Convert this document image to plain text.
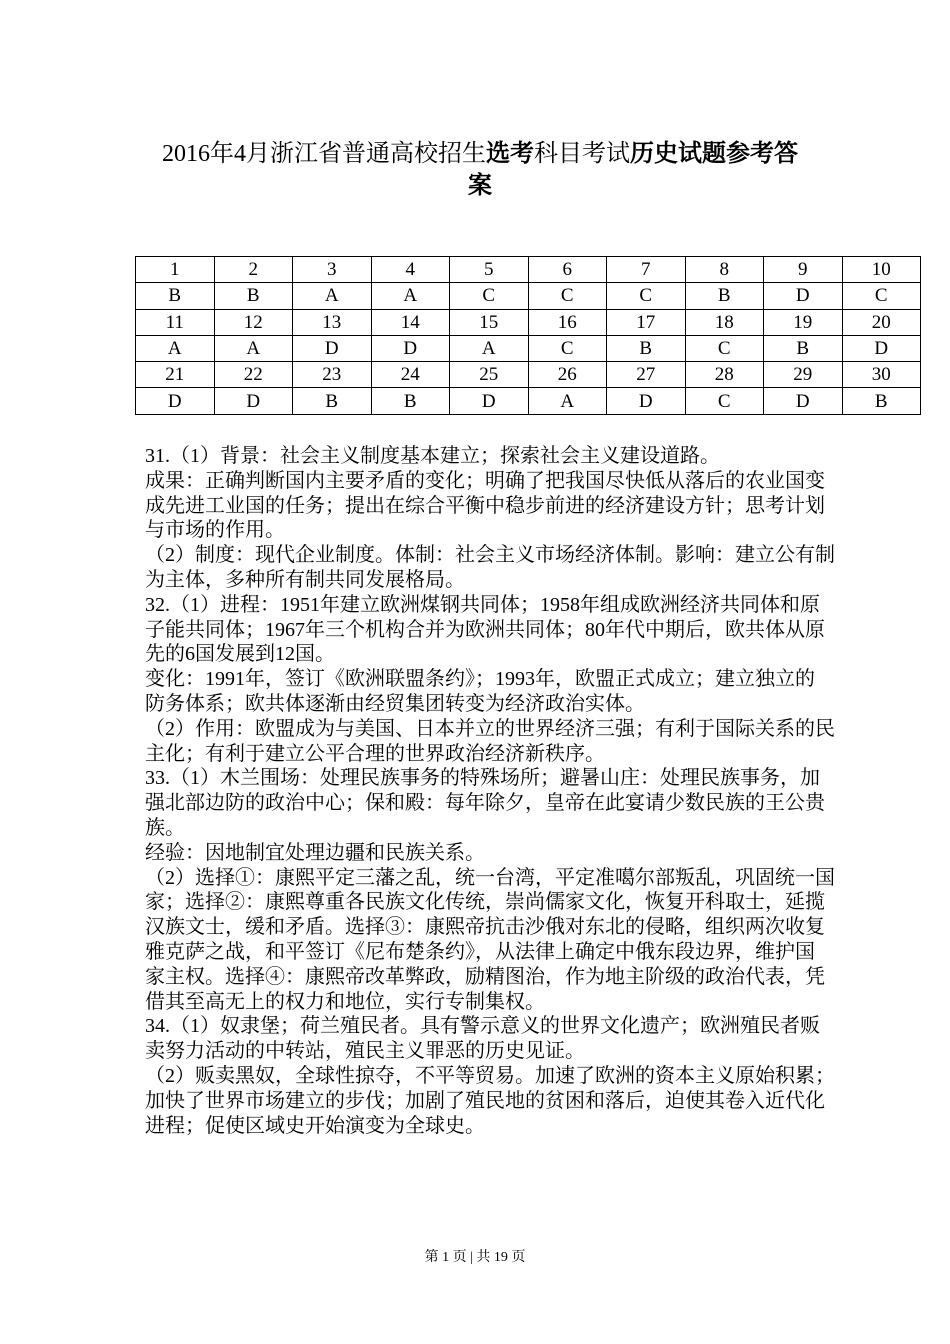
2016年4月浙江省普通高校招生选考科目考试历史试题参考答
案
1	2	3	4	5	6	7	8	9	10
B	B	A	A	C	C	C	B	D	C
11	12	13	14	15	16	17	18	19	20
A	A	D	D	A	C	B	C	B	D
21	22	23	24	25	26	27	28	29	30
D	D	B	B	D	A	D	C	D	B
31.（1）背景：社会主义制度基本建立；探索社会主义建设道路。
成果：正确判断国内主要矛盾的变化；明确了把我国尽快低从落后的农业国变
成先进工业国的任务；提出在综合平衡中稳步前进的经济建设方针；思考计划
与市场的作用。
（2）制度：现代企业制度。体制：社会主义市场经济体制。影响：建立公有制
为主体，多种所有制共同发展格局。
32.（1）进程：1951年建立欧洲煤钢共同体；1958年组成欧洲经济共同体和原
子能共同体；1967年三个机构合并为欧洲共同体；80年代中期后，欧共体从原
先的6国发展到12国。
变化：1991年，签订《欧洲联盟条约》；1993年，欧盟正式成立；建立独立的
防务体系；欧共体逐渐由经贸集团转变为经济政治实体。
（2）作用：欧盟成为与美国、日本并立的世界经济三强；有利于国际关系的民
主化；有利于建立公平合理的世界政治经济新秩序。
33.（1）木兰围场：处理民族事务的特殊场所；避暑山庄：处理民族事务，加
强北部边防的政治中心；保和殿：每年除夕，皇帝在此宴请少数民族的王公贵
族。
经验：因地制宜处理边疆和民族关系。
（2）选择①：康熙平定三藩之乱，统一台湾，平定准噶尔部叛乱，巩固统一国
家；选择②：康熙尊重各民族文化传统，崇尚儒家文化，恢复开科取士，延揽
汉族文士，缓和矛盾。选择③：康熙帝抗击沙俄对东北的侵略，组织两次收复
雅克萨之战，和平签订《尼布楚条约》，从法律上确定中俄东段边界，维护国
家主权。选择④：康熙帝改革弊政，励精图治，作为地主阶级的政治代表，凭
借其至高无上的权力和地位，实行专制集权。
34.（1）奴隶堡；荷兰殖民者。具有警示意义的世界文化遗产；欧洲殖民者贩
卖努力活动的中转站，殖民主义罪恶的历史见证。
（2）贩卖黑奴，全球性掠夺，不平等贸易。加速了欧洲的资本主义原始积累；
加快了世界市场建立的步伐；加剧了殖民地的贫困和落后，迫使其卷入近代化
进程；促使区域史开始演变为全球史。
第 1 页 | 共 19 页
